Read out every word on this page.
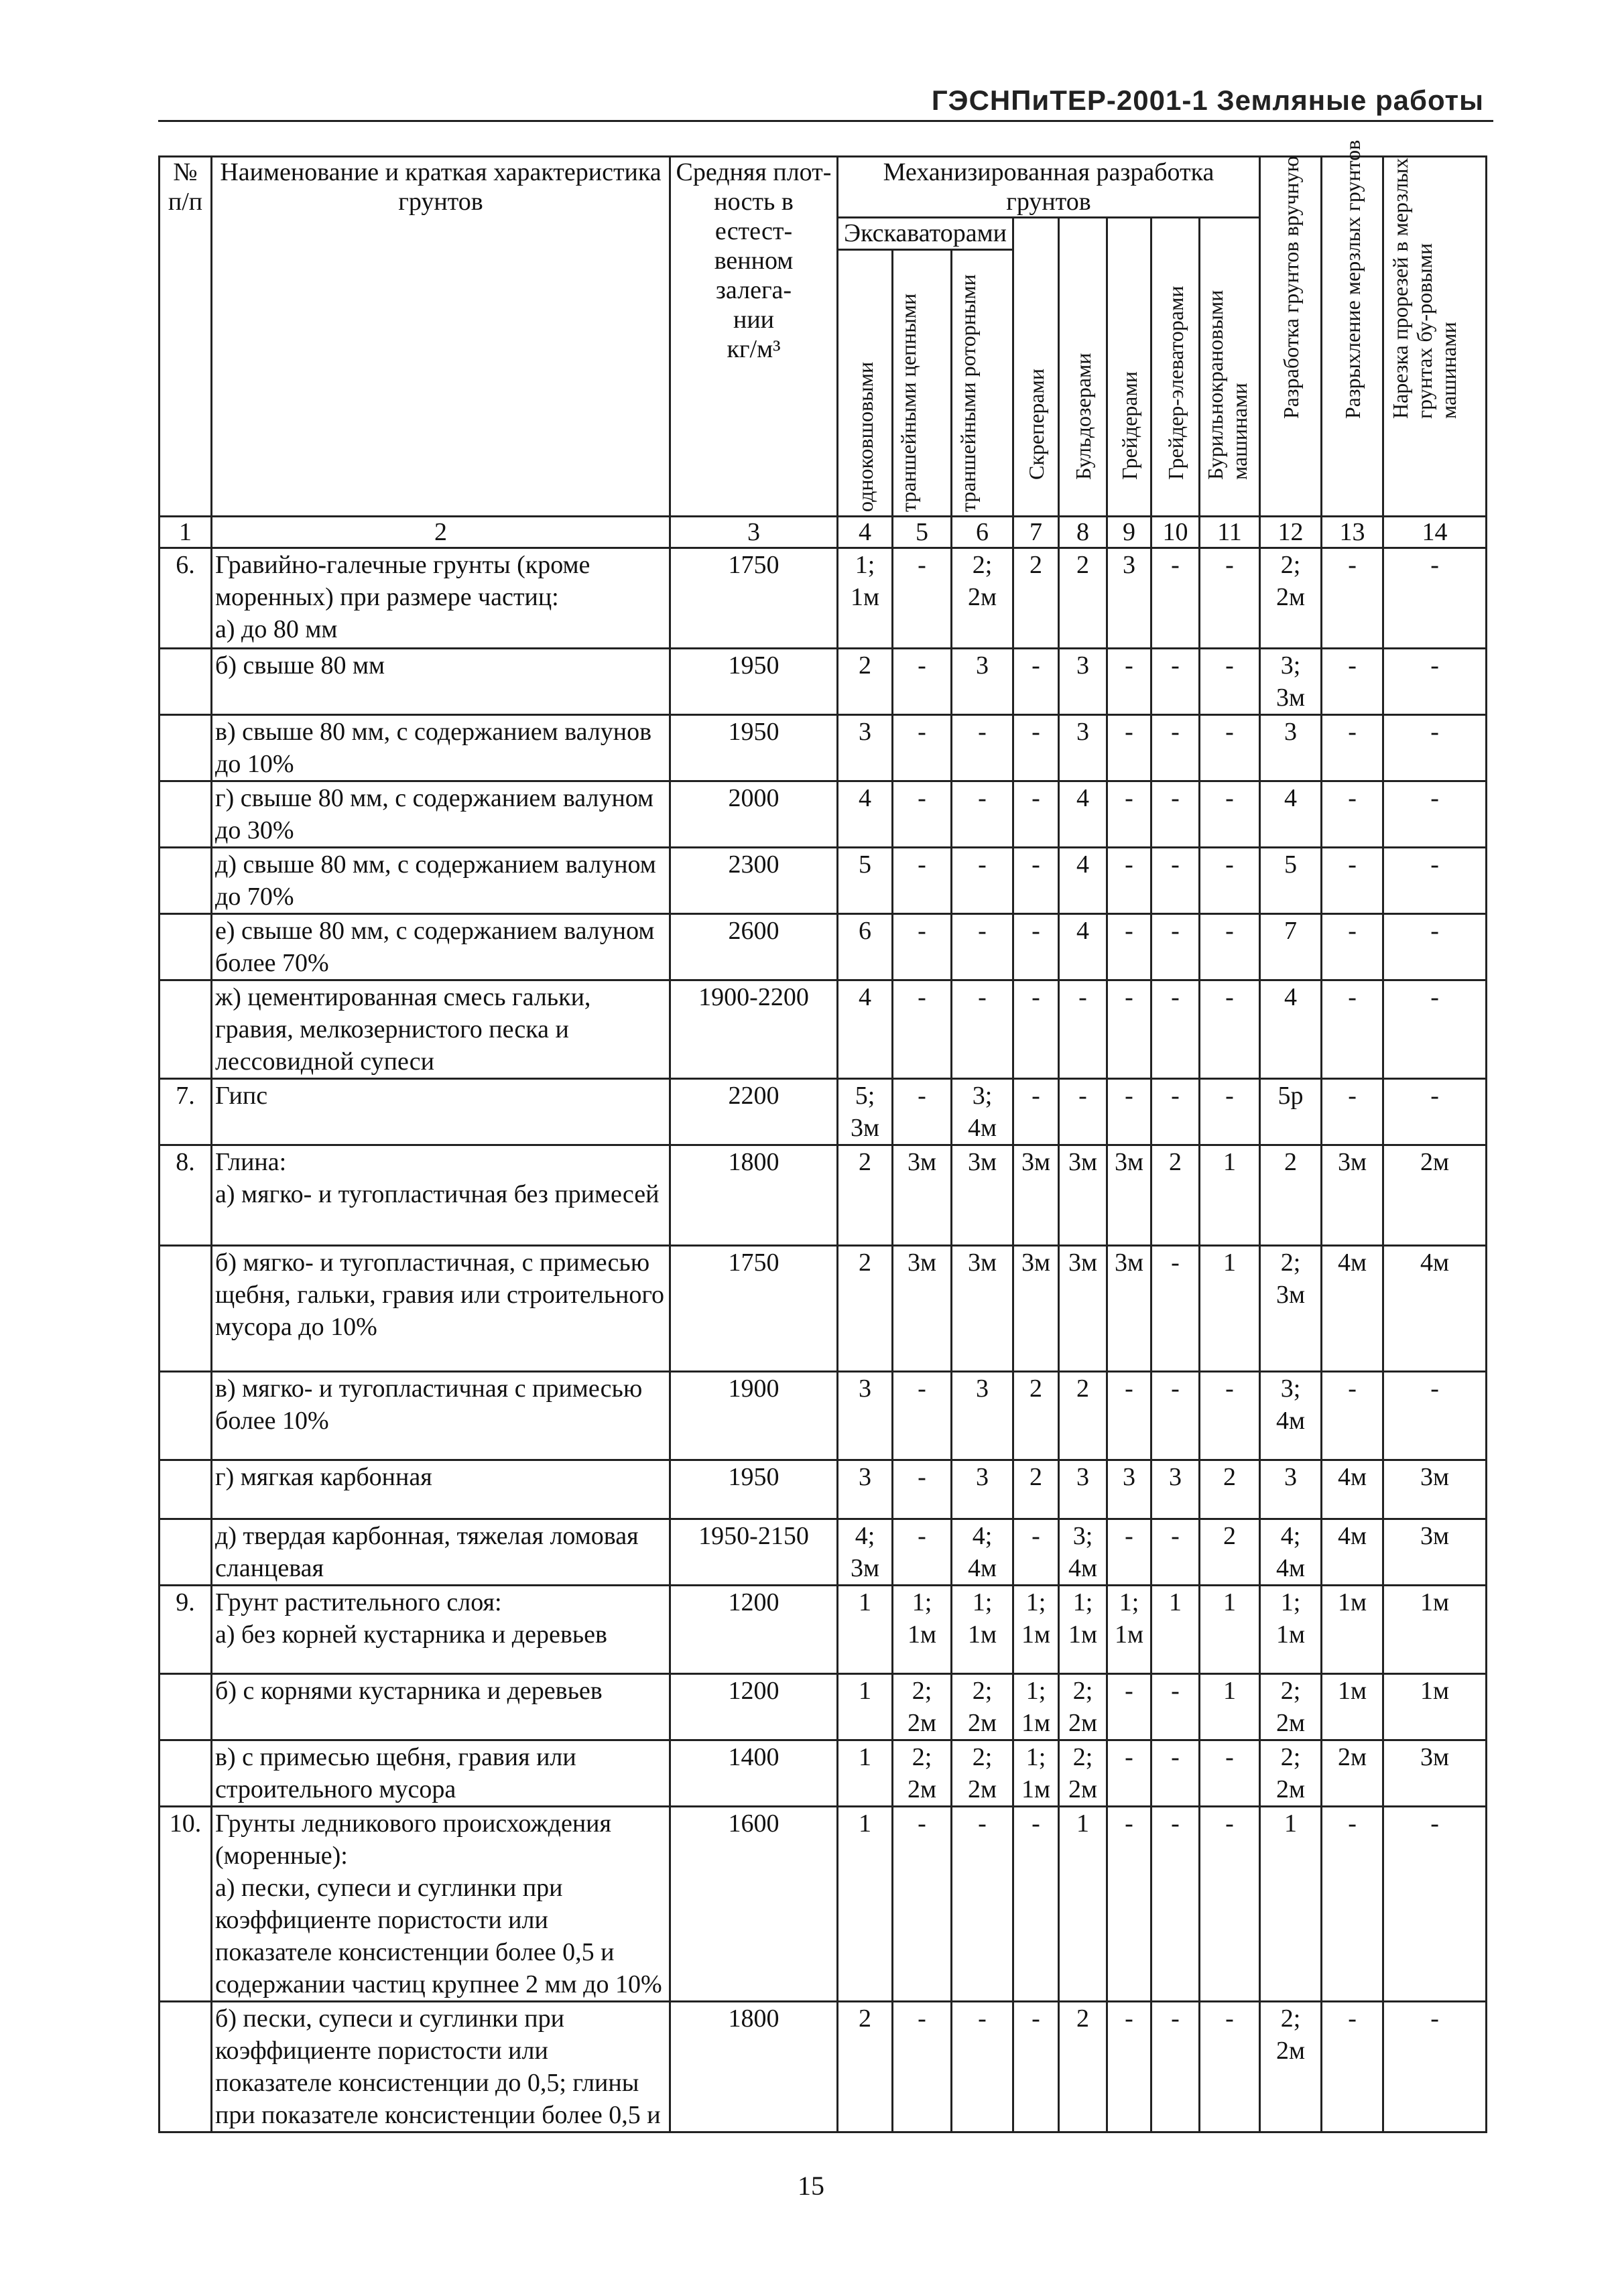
ГЭСНПиТЕР-2001-1 Земляные работы
№
п/п	Наименование и краткая характеристика грунтов	Средняя плот-
ность в естест-
венном залега-
нии
кг/м³	Механизированная разработка грунтов								Разработка грунтов вручную	Разрыхление мерзлых грунтов	Нарезка прорезей в мерзлых грунтах бу-ровыми машинами

			Экскаваторами			Скреперами	Бульдозерами	Грейдерами	Грейдер-элеваторами	Бурильнокрановыми машинами			

			одноковшовыми	траншейными цепными	траншейными роторными								

1	2	3	4	5	6	7	8	9	10	11	12	13	14
6.	Гравийно-галечные грунты (кроме моренных) при размере частиц:
а) до 80 мм	1750	1;
1м	-	2;
2м	2	2	3	-	-	2;
2м	-	-
	б) свыше 80 мм	1950	2	-	3	-	3	-	-	-	3;
3м	-	-
	в) свыше 80 мм, с содержанием валунов до 10%	1950	3	-	-	-	3	-	-	-	3	-	-
	г) свыше 80 мм, с содержанием валуном до 30%	2000	4	-	-	-	4	-	-	-	4	-	-
	д) свыше 80 мм, с содержанием валуном до 70%	2300	5	-	-	-	4	-	-	-	5	-	-
	е) свыше 80 мм, с содержанием валуном более 70%	2600	6	-	-	-	4	-	-	-	7	-	-
	ж) цементированная смесь гальки, гравия, мелкозернистого песка и лессовидной супеси	1900-2200	4	-	-	-	-	-	-	-	4	-	-
7.	Гипс	2200	5;
3м	-	3;
4м	-	-	-	-	-	5р	-	-
8.	Глина:
а) мягко- и тугопластичная без примесей	1800	2	3м	3м	3м	3м	3м	2	1	2	3м	2м
	б) мягко- и тугопластичная, с примесью щебня, гальки, гравия или строительного мусора до 10%	1750	2	3м	3м	3м	3м	3м	-	1	2;
3м	4м	4м
	в) мягко- и тугопластичная с примесью более 10%	1900	3	-	3	2	2	-	-	-	3;
4м	-	-
	г) мягкая карбонная	1950	3	-	3	2	3	3	3	2	3	4м	3м
	д) твердая карбонная, тяжелая ломовая сланцевая	1950-2150	4;
3м	-	4;
4м	-	3;
4м	-	-	2	4;
4м	4м	3м
9.	Грунт растительного слоя:
а) без корней кустарника и деревьев	1200	1	1;
1м	1;
1м	1;
1м	1;
1м	1;
1м	1	1	1;
1м	1м	1м
	б) с корнями кустарника и деревьев	1200	1	2;
2м	2;
2м	1;
1м	2;
2м	-	-	1	2;
2м	1м	1м
	в) с примесью щебня, гравия или строительного мусора	1400	1	2;
2м	2;
2м	1;
1м	2;
2м	-	-	-	2;
2м	2м	3м
10.	Грунты ледникового происхождения (моренные):
а) пески, супеси и суглинки при коэффициенте пористости или показателе консистенции более 0,5 и содержании частиц крупнее 2 мм до 10%	1600	1	-	-	-	1	-	-	-	1	-	-
	б) пески, супеси и суглинки при коэффициенте пористости или показателе консистенции до 0,5; глины при показателе консистенции более 0,5 и	1800	2	-	-	-	2	-	-	-	2;
2м	-	-
15
